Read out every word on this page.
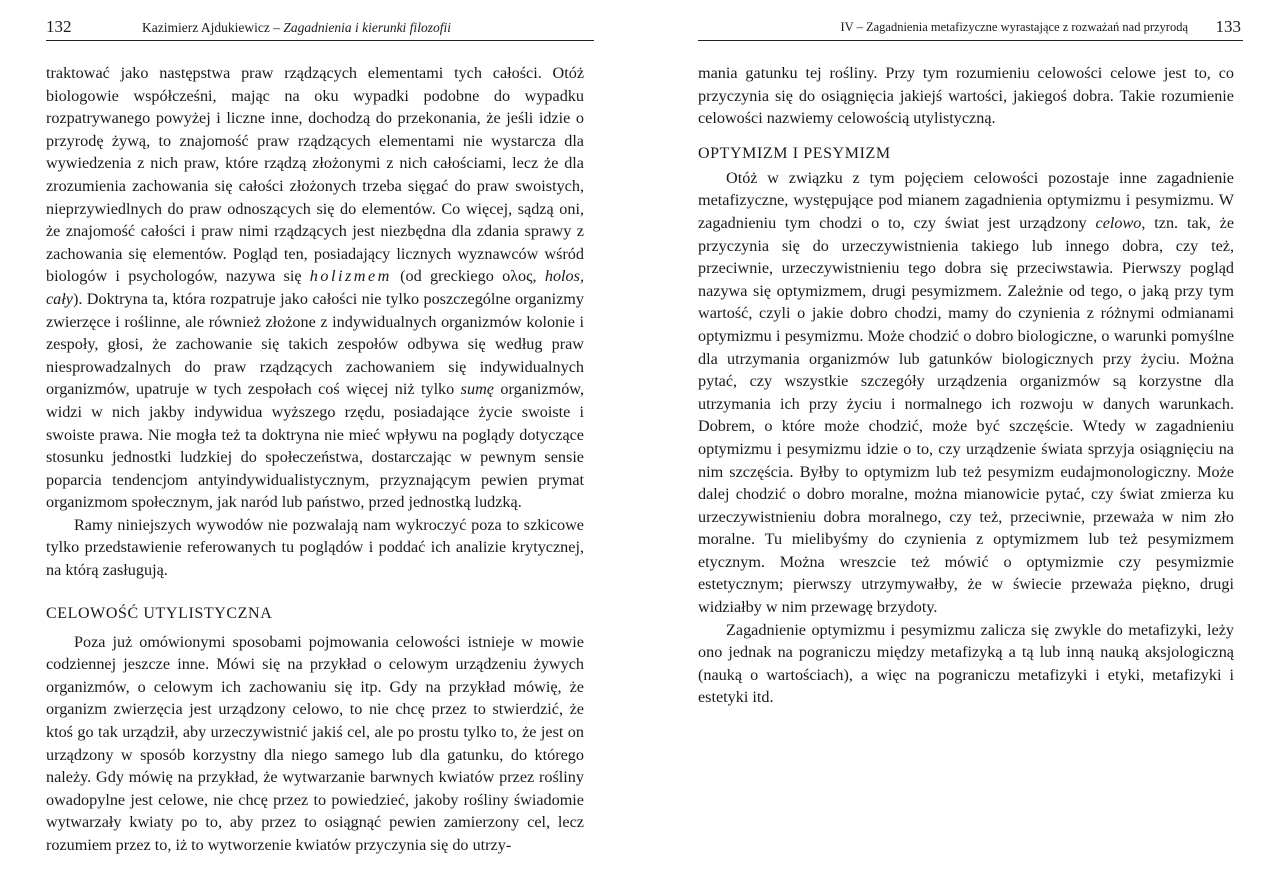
132	Kazimierz Ajdukiewicz – Zagadnienia i kierunki filozofii

traktować jako następstwa praw rządzących elementami tych całości. Otóż biologowie współcześni, mając na oku wypadki podobne do wypadku rozpatrywanego powyżej i liczne inne, dochodzą do przekonania, że jeśli idzie o przyrodę żywą, to znajomość praw rządzących elementami nie wystarcza dla wywiedzenia z nich praw, które rządzą złożonymi z nich całościami, lecz że dla zrozumienia zachowania się całości złożonych trzeba sięgać do praw swoistych, nieprzywiedlnych do praw odnoszących się do elementów. Co więcej, sądzą oni, że znajomość całości i praw nimi rządzących jest niezbędna dla zdania sprawy z zachowania się elementów. Pogląd ten, posiadający licznych wyznawców wśród biologów i psychologów, nazywa się holizmem (od greckiego ολος, holos, cały). Doktryna ta, która rozpatruje jako całości nie tylko poszczególne organizmy zwierzęce i roślinne, ale również złożone z indywidualnych organizmów kolonie i zespoły, głosi, że zachowanie się takich zespołów odbywa się według praw niesprowadzalnych do praw rządzących zachowaniem się indywidualnych organizmów, upatruje w tych zespołach coś więcej niż tylko sumę organizmów, widzi w nich jakby indywidua wyższego rzędu, posiadające życie swoiste i swoiste prawa. Nie mogła też ta doktryna nie mieć wpływu na poglądy dotyczące stosunku jednostki ludzkiej do społeczeństwa, dostarczając w pewnym sensie poparcia tendencjom antyindywidualistycznym, przyznającym pewien prymat organizmom społecznym, jak naród lub państwo, przed jednostką ludzką.

Ramy niniejszych wywodów nie pozwalają nam wykroczyć poza to szkicowe tylko przedstawienie referowanych tu poglądów i poddać ich analizie krytycznej, na którą zasługują.

CELOWOŚĆ UTYLISTYCZNA

Poza już omówionymi sposobami pojmowania celowości istnieje w mowie codziennej jeszcze inne. Mówi się na przykład o celowym urządzeniu żywych organizmów, o celowym ich zachowaniu się itp. Gdy na przykład mówię, że organizm zwierzęcia jest urządzony celowo, to nie chcę przez to stwierdzić, że ktoś go tak urządził, aby urzeczywistnić jakiś cel, ale po prostu tylko to, że jest on urządzony w sposób korzystny dla niego samego lub dla gatunku, do którego należy. Gdy mówię na przykład, że wytwarzanie barwnych kwiatów przez rośliny owadopylne jest celowe, nie chcę przez to powiedzieć, jakoby rośliny świadomie wytwarzały kwiaty po to, aby przez to osiągnąć pewien zamierzony cel, lecz rozumiem przez to, iż to wytworzenie kwiatów przyczynia się do utrzy-

IV – Zagadnienia metafizyczne wyrastające z rozważań nad przyrodą 133

mania gatunku tej rośliny. Przy tym rozumieniu celowości celowe jest to, co przyczynia się do osiągnięcia jakiejś wartości, jakiegoś dobra. Takie rozumienie celowości nazwiemy celowością utylistyczną.

OPTYMIZM I PESYMIZM

Otóż w związku z tym pojęciem celowości pozostaje inne zagadnienie metafizyczne, występujące pod mianem zagadnienia optymizmu i pesymizmu. W zagadnieniu tym chodzi o to, czy świat jest urządzony celowo, tzn. tak, że przyczynia się do urzeczywistnienia takiego lub innego dobra, czy też, przeciwnie, urzeczywistnieniu tego dobra się przeciwstawia. Pierwszy pogląd nazywa się optymizmem, drugi pesymizmem. Zależnie od tego, o jaką przy tym wartość, czyli o jakie dobro chodzi, mamy do czynienia z różnymi odmianami optymizmu i pesymizmu. Może chodzić o dobro biologiczne, o warunki pomyślne dla utrzymania organizmów lub gatunków biologicznych przy życiu. Można pytać, czy wszystkie szczegóły urządzenia organizmów są korzystne dla utrzymania ich przy życiu i normalnego ich rozwoju w danych warunkach. Dobrem, o które może chodzić, może być szczęście. Wtedy w zagadnieniu optymizmu i pesymizmu idzie o to, czy urządzenie świata sprzyja osiągnięciu na nim szczęścia. Byłby to optymizm lub też pesymizm eudajmonologiczny. Może dalej chodzić o dobro moralne, można mianowicie pytać, czy świat zmierza ku urzeczywistnieniu dobra moralnego, czy też, przeciwnie, przeważa w nim zło moralne. Tu mielibyśmy do czynienia z optymizmem lub też pesymizmem etycznym. Można wreszcie też mówić o optymizmie czy pesymizmie estetycznym; pierwszy utrzymywałby, że w świecie przeważa piękno, drugi widziałby w nim przewagę brzydoty.

Zagadnienie optymizmu i pesymizmu zalicza się zwykle do metafizyki, leży ono jednak na pograniczu między metafizyką a tą lub inną nauką aksjologiczną (nauką o wartościach), a więc na pograniczu metafizyki i etyki, metafizyki i estetyki itd.
